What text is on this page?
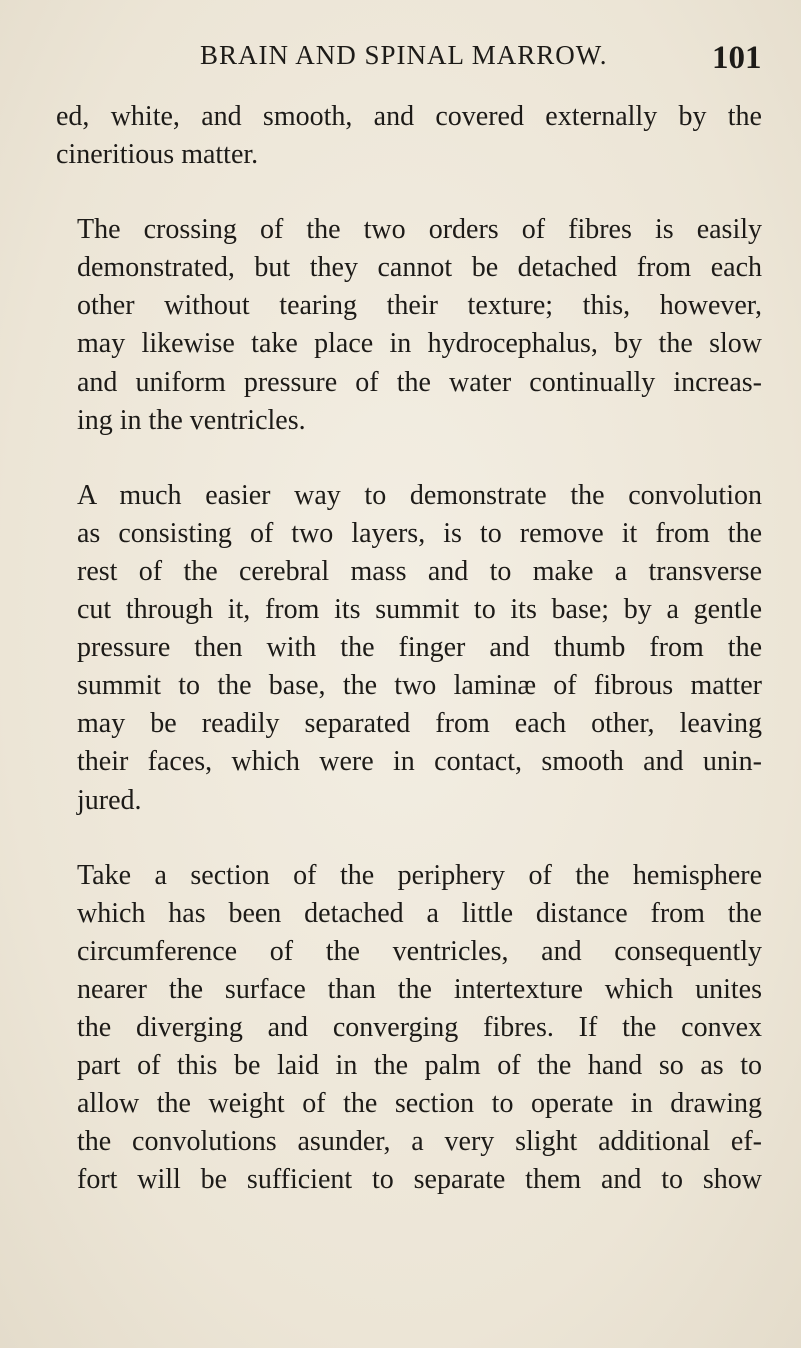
BRAIN AND SPINAL MARROW.	101

ed, white, and smooth, and covered externally by the
cineritious matter.

The crossing of the two orders of fibres is easily
demonstrated, but they cannot be detached from each
other without tearing their texture; this, however,
may likewise take place in hydrocephalus, by the slow
and uniform pressure of the water continually increas-
ing in the ventricles.

A much easier way to demonstrate the convolution
as consisting of two layers, is to remove it from the
rest of the cerebral mass and to make a transverse
cut through it, from its summit to its base; by a gentle
pressure then with the finger and thumb from the
summit to the base, the two laminæ of fibrous matter
may be readily separated from each other, leaving
their faces, which were in contact, smooth and unin-
jured.

Take a section of the periphery of the hemisphere
which has been detached a little distance from the
circumference of the ventricles, and consequently
nearer the surface than the intertexture which unites
the diverging and converging fibres. If the convex
part of this be laid in the palm of the hand so as to
allow the weight of the section to operate in drawing
the convolutions asunder, a very slight additional ef-
fort will be sufficient to separate them and to show
